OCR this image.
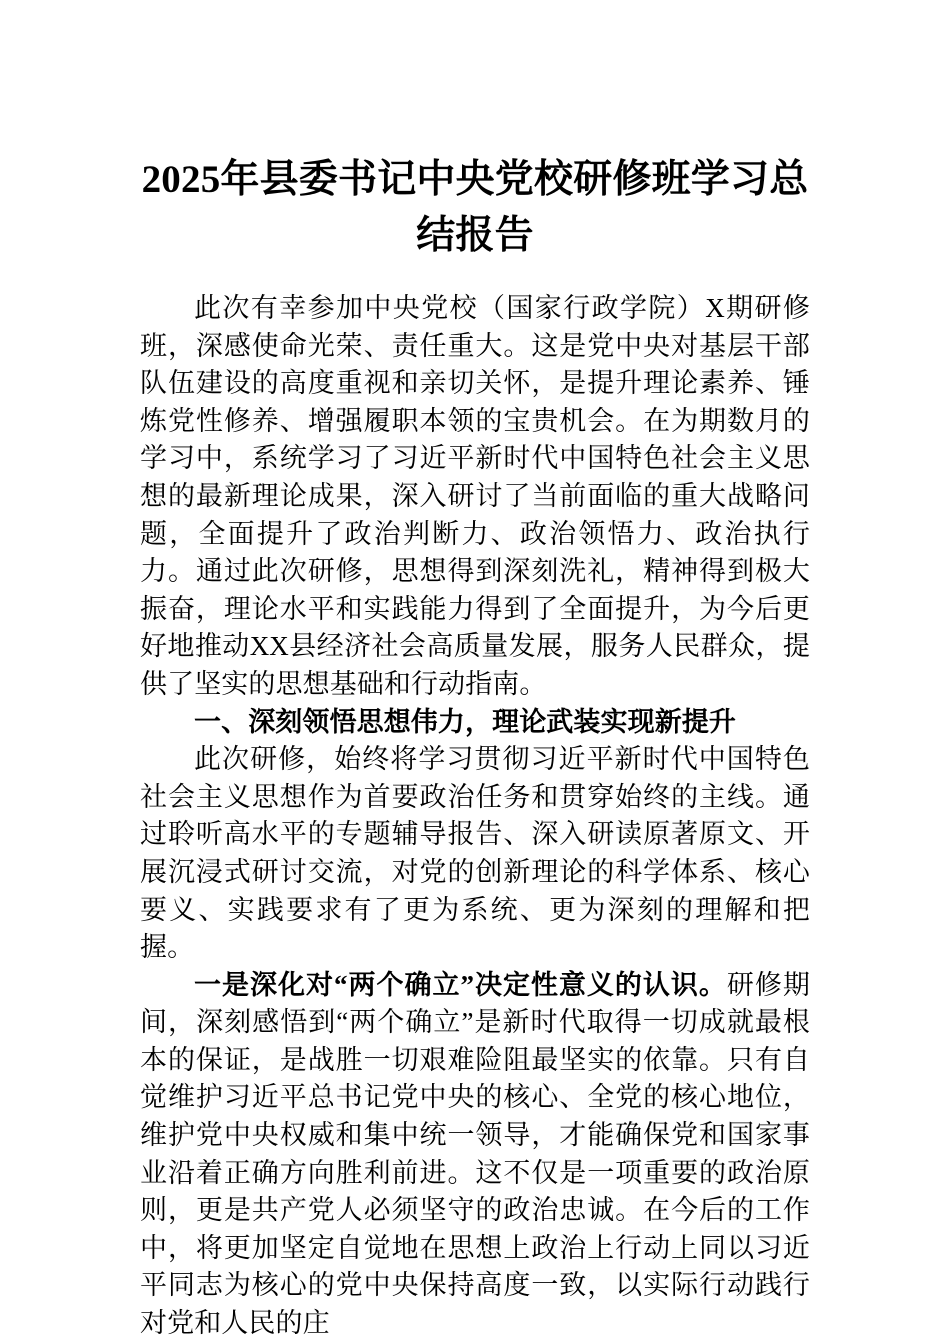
2025年县委书记中央党校研修班学习总结报告

此次有幸参加中央党校（国家行政学院）X期研修班，深感使命光荣、责任重大。这是党中央对基层干部队伍建设的高度重视和亲切关怀，是提升理论素养、锤炼党性修养、增强履职本领的宝贵机会。在为期数月的学习中，系统学习了习近平新时代中国特色社会主义思想的最新理论成果，深入研讨了当前面临的重大战略问题，全面提升了政治判断力、政治领悟力、政治执行力。通过此次研修，思想得到深刻洗礼，精神得到极大振奋，理论水平和实践能力得到了全面提升，为今后更好地推动XX县经济社会高质量发展，服务人民群众，提供了坚实的思想基础和行动指南。

一、深刻领悟思想伟力，理论武装实现新提升

此次研修，始终将学习贯彻习近平新时代中国特色社会主义思想作为首要政治任务和贯穿始终的主线。通过聆听高水平的专题辅导报告、深入研读原著原文、开展沉浸式研讨交流，对党的创新理论的科学体系、核心要义、实践要求有了更为系统、更为深刻的理解和把握。

一是深化对“两个确立”决定性意义的认识。研修期间，深刻感悟到“两个确立”是新时代取得一切成就最根本的保证，是战胜一切艰难险阻最坚实的依靠。只有自觉维护习近平总书记党中央的核心、全党的核心地位，维护党中央权威和集中统一领导，才能确保党和国家事业沿着正确方向胜利前进。这不仅是一项重要的政治原则，更是共产党人必须坚守的政治忠诚。在今后的工作中，将更加坚定自觉地在思想上政治上行动上同以习近平同志为核心的党中央保持高度一致，以实际行动践行对党和人民的庄
